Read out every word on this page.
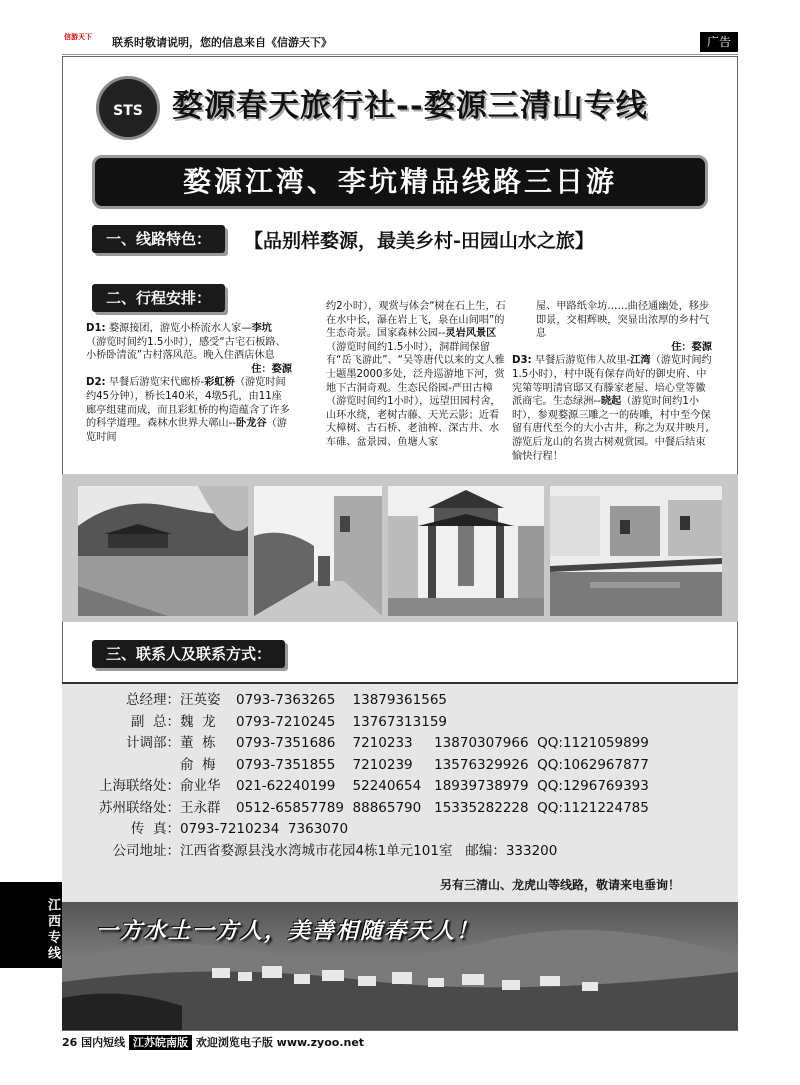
信游天下	联系时敬请说明，您的信息来自《信游天下》	广告
STS 婺源春天旅行社--婺源三清山专线
婺源江湾、李坑精品线路三日游
一、线路特色：	【品别样婺源，最美乡村-田园山水之旅】
二、行程安排：

D1: 婺源接团，游览小桥流水人家—李坑（游览时间约1.5小时），感受“古宅石板路、小桥卧清流”古村落风范。晚入住酒店休息

住：婺源

D2: 早餐后游览宋代廊桥-彩虹桥（游览时间约45分钟），桥长140米，4墩5孔，由11座廊亭组建而成，而且彩虹桥的构造蕴含了许多的科学道理。森林水世界大鄣山--卧龙谷（游览时间

约2小时），观赏与体会“树在石上生，石在水中长，瀑在岩上飞，泉在山间唱”的生态奇景。国家森林公园--灵岩风景区（游览时间约1.5小时），洞群间保留有“岳飞游此”、“吴等唐代以来的文人雅士题墨2000多处，泛舟巡游地下河，赏地下古洞奇观。生态民俗园-严田古樟（游览时间约1小时），远望田园村舍，山环水绕，老树古藤、天光云影；近看大樟树、古石桥、老油榨、深古井、水车碓、盆景园、鱼塘人家

屋、甲路纸伞坊……曲径通幽处，移步即景，交相辉映，突显出浓厚的乡村气息

住：婺源

D3: 早餐后游览伟人故里-江湾（游览时间约1.5小时），村中既有保存尚好的御史府、中宪第等明清官邸又有滕家老屋、培心堂等徽派商宅。生态绿洲--晓起（游览时间约1小时），参观婺源三雕之一的砖雕，村中至今保留有唐代至今的大小古井，称之为双井映月,游览后龙山的名贵古树观赏园。中餐后结束愉快行程！

三、联系人及联系方式：
总经理：汪英姿 0793-7363265    13879361565
副  总：魏  龙 0793-7210245    13767313159
计调部：董  栋 0793-7351686    7210233     13870307966  QQ:1121059899
俞  梅 0793-7351855    7210239     13576329926  QQ:1062967877
上海联络处：俞业华 021-62240199    52240654   18939738979  QQ:1296769393
苏州联络处：王永群 0512-65857789  88865790   15335282228  QQ:1121224785
传  真：0793-7210234  7363070
公司地址：江西省婺源县浅水湾城市花园4栋1单元101室   邮编：333200
另有三清山、龙虎山等线路，敬请来电垂询！
江西专线 一方水土一方人，美善相随春天人！
26 国内短线 江苏皖南版 欢迎浏览电子版 www.zyoo.net
